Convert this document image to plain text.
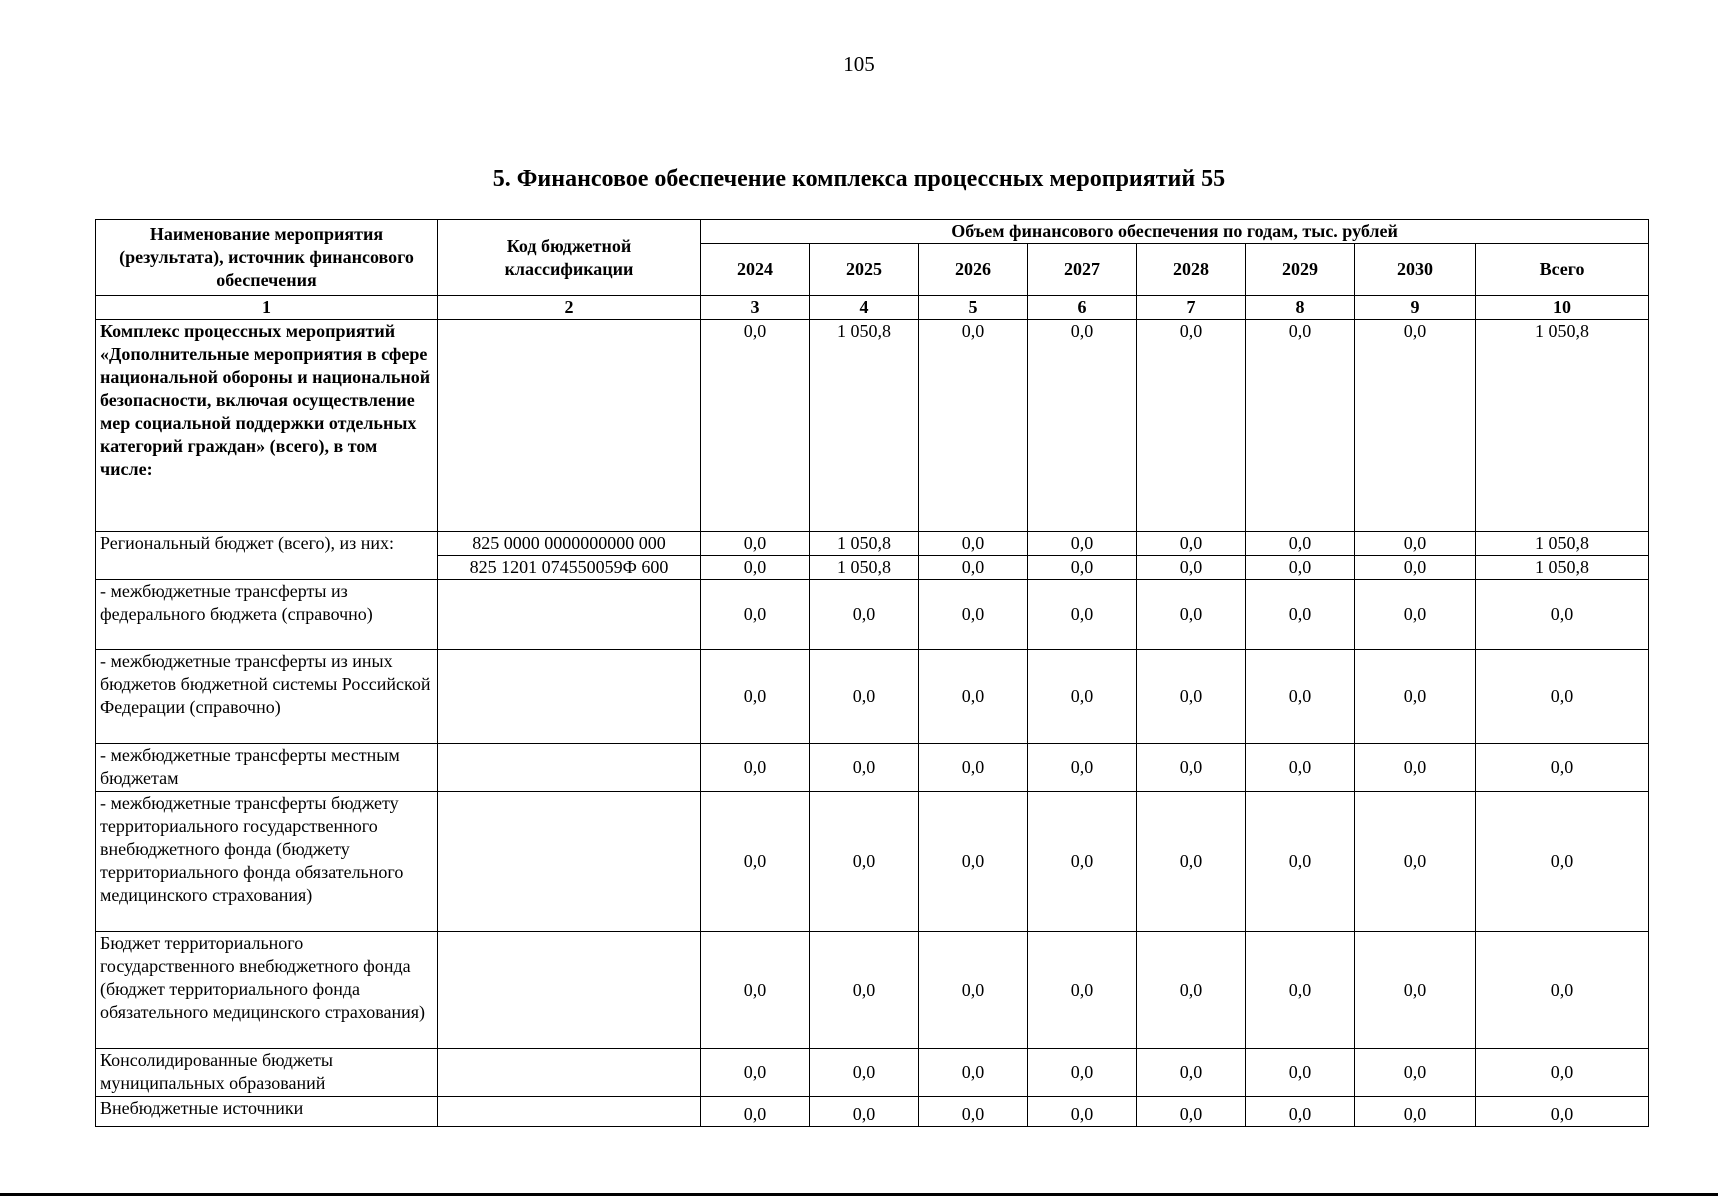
105
5. Финансовое обеспечение комплекса процессных мероприятий 55
Наименование мероприятия (результата), источник финансового обеспечения	Код бюджетной классификации	Объем финансового обеспечения по годам, тыс. рублей							
		2024	2025	2026	2027	2028	2029	2030	Всего
1	2	3	4	5	6	7	8	9	10
Комплекс процессных мероприятий «Дополнительные мероприятия в сфере национальной обороны и национальной безопасности, включая осуществление мер социальной поддержки отдельных категорий граждан» (всего), в том числе:		0,0	1 050,8	0,0	0,0	0,0	0,0	0,0	1 050,8
Региональный бюджет (всего), из них:	825 0000 0000000000 000	0,0	1 050,8	0,0	0,0	0,0	0,0	0,0	1 050,8
	825 1201 074550059Ф 600	0,0	1 050,8	0,0	0,0	0,0	0,0	0,0	1 050,8
- межбюджетные трансферты из федерального бюджета (справочно)		0,0	0,0	0,0	0,0	0,0	0,0	0,0	0,0
- межбюджетные трансферты из иных бюджетов бюджетной системы Российской Федерации (справочно)		0,0	0,0	0,0	0,0	0,0	0,0	0,0	0,0
- межбюджетные трансферты местным бюджетам		0,0	0,0	0,0	0,0	0,0	0,0	0,0	0,0
- межбюджетные трансферты бюджету территориального государственного внебюджетного фонда (бюджету территориального фонда обязательного медицинского страхования)		0,0	0,0	0,0	0,0	0,0	0,0	0,0	0,0
Бюджет территориального государственного внебюджетного фонда (бюджет территориального фонда обязательного медицинского страхования)		0,0	0,0	0,0	0,0	0,0	0,0	0,0	0,0
Консолидированные бюджеты муниципальных образований		0,0	0,0	0,0	0,0	0,0	0,0	0,0	0,0
Внебюджетные источники		0,0	0,0	0,0	0,0	0,0	0,0	0,0	0,0
